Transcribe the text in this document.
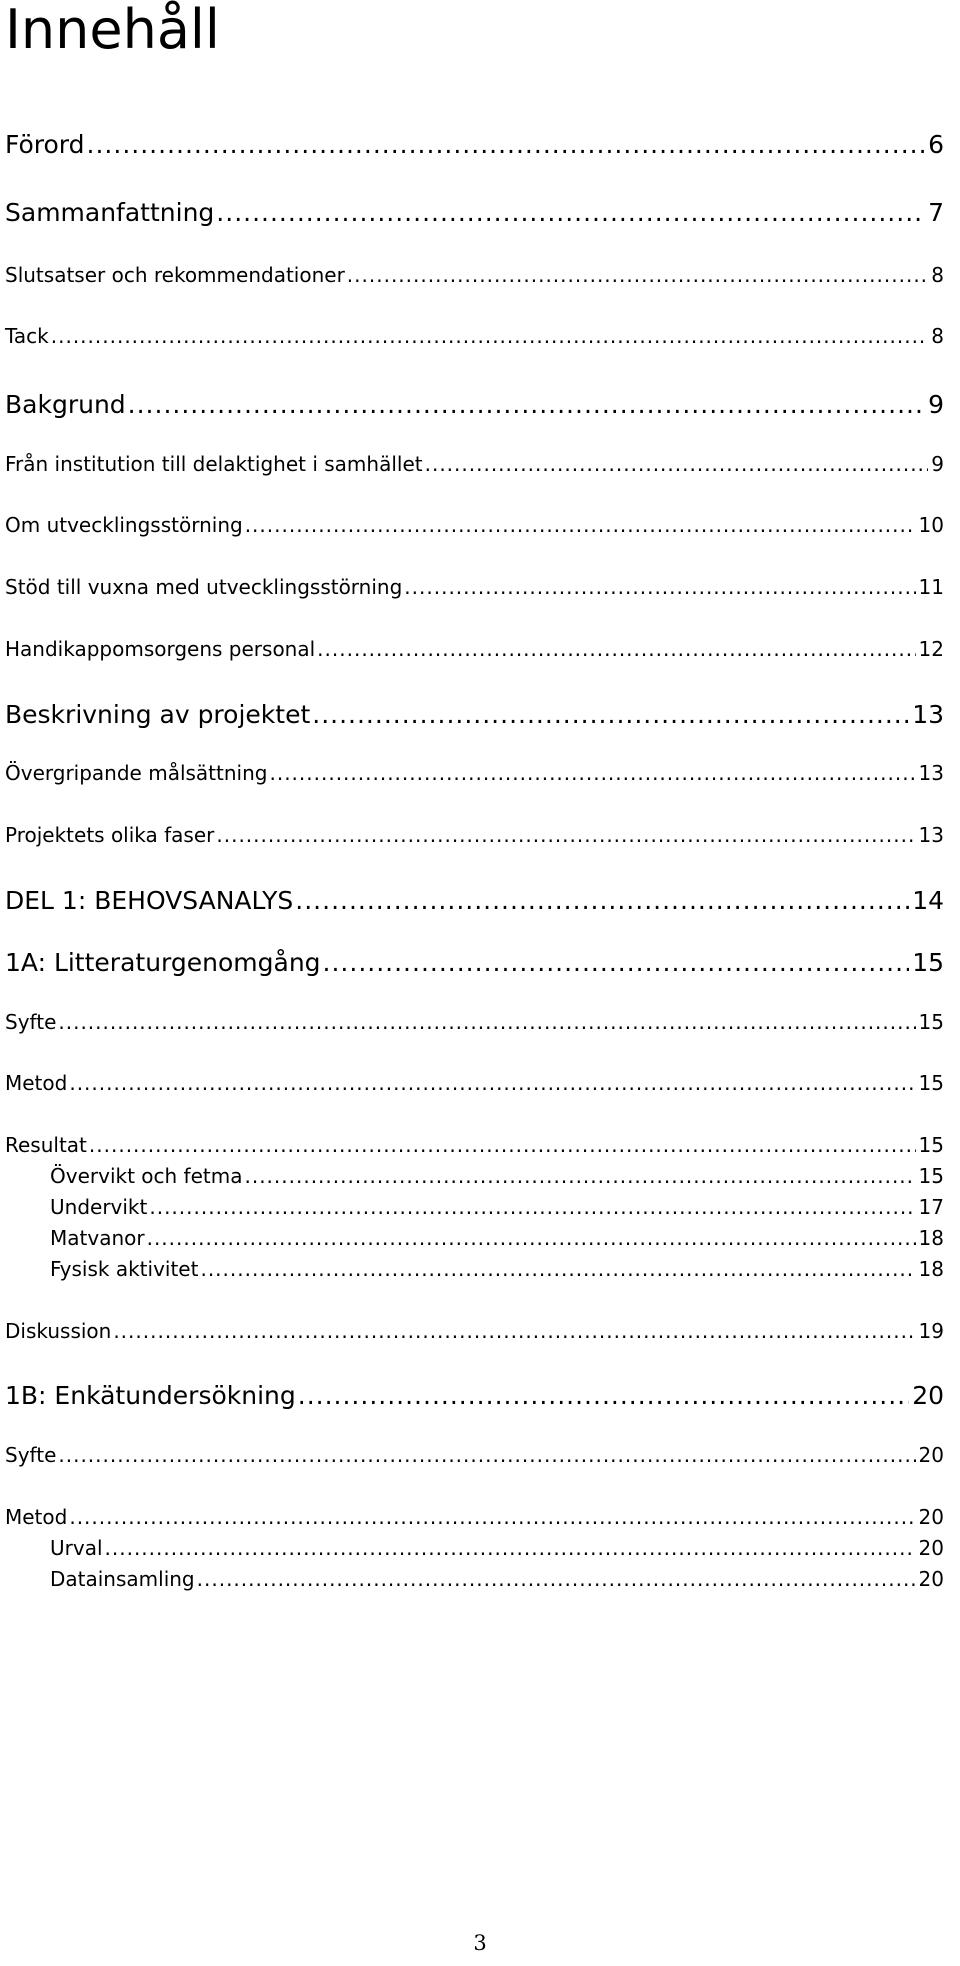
Innehåll
Förord .....	6
Sammanfattning .....	7
Slutsatser och rekommendationer .....	8
Tack .....	8
Bakgrund .....	9
Från institution till delaktighet i samhället .....	9
Om utvecklingsstörning .....	10
Stöd till vuxna med utvecklingsstörning .....	11
Handikappomsorgens personal .....	12
Beskrivning av projektet .....	13
Övergripande målsättning .....	13
Projektets olika faser .....	13
DEL 1: BEHOVSANALYS .....	14
1A: Litteraturgenomgång .....	15
Syfte .....	15
Metod .....	15
Resultat .....	15
Övervikt och fetma .....	15
Undervikt .....	17
Matvanor .....	18
Fysisk aktivitet .....	18
Diskussion .....	19
1B: Enkätundersökning .....	20
Syfte .....	20
Metod .....	20
Urval .....	20
Datainsamling .....	20
3
